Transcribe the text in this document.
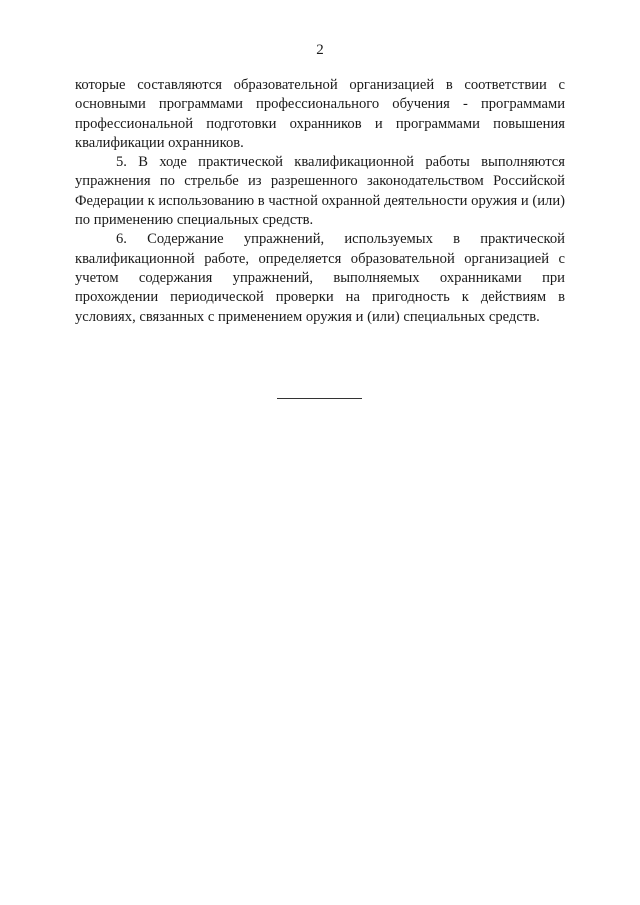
2

которые составляются образовательной организацией в соответствии с основными программами профессионального обучения - программами профессиональной подготовки охранников и программами повышения квалификации охранников.

5. В ходе практической квалификационной работы выполняются упражнения по стрельбе из разрешенного законодательством Российской Федерации к использованию в частной охранной деятельности оружия и (или) по применению специальных средств.

6. Содержание упражнений, используемых в практической квалификационной работе, определяется образовательной организацией с учетом содержания упражнений, выполняемых охранниками при прохождении периодической проверки на пригодность к действиям в условиях, связанных с применением оружия и (или) специальных средств.
